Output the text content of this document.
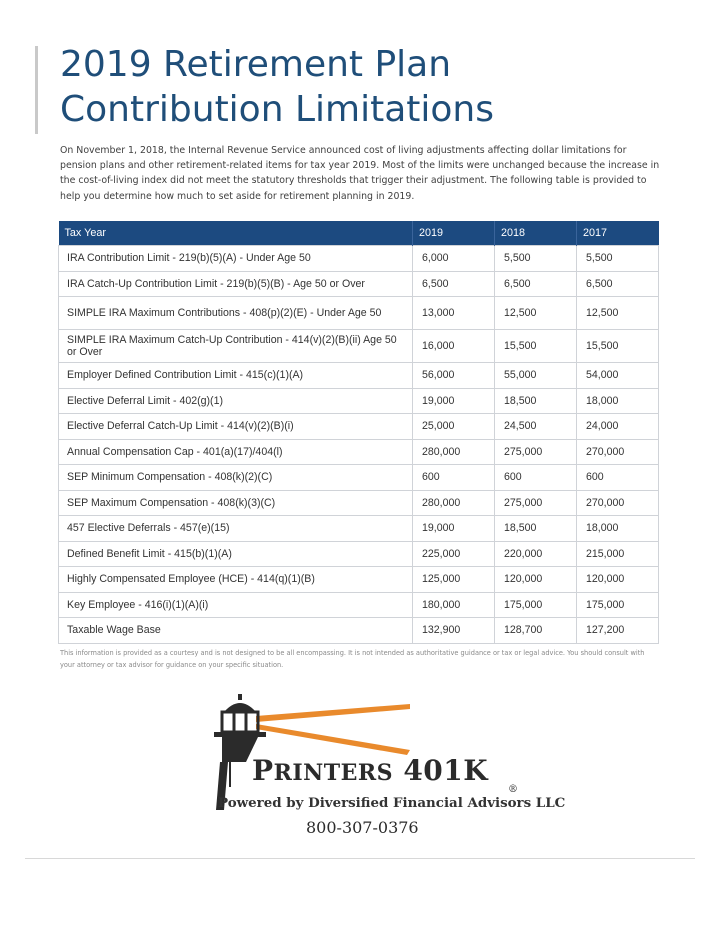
2019 Retirement Plan
Contribution Limitations

On November 1, 2018, the Internal Revenue Service announced cost of living adjustments affecting dollar limitations for pension plans and other retirement-related items for tax year 2019. Most of the limits were unchanged because the increase in the cost-of-living index did not meet the statutory thresholds that trigger their adjustment. The following table is provided to help you determine how much to set aside for retirement planning in 2019.

Tax Year	2019	2018	2017
IRA Contribution Limit - 219(b)(5)(A) - Under Age 50	6,000	5,500	5,500
IRA Catch-Up Contribution Limit - 219(b)(5)(B) - Age 50 or Over	6,500	6,500	6,500
SIMPLE IRA Maximum Contributions - 408(p)(2)(E) - Under Age 50	13,000	12,500	12,500
SIMPLE IRA Maximum Catch-Up Contribution - 414(v)(2)(B)(ii) Age 50 or Over	16,000	15,500	15,500
Employer Defined Contribution Limit - 415(c)(1)(A)	56,000	55,000	54,000
Elective Deferral Limit - 402(g)(1)	19,000	18,500	18,000
Elective Deferral Catch-Up Limit - 414(v)(2)(B)(i)	25,000	24,500	24,000
Annual Compensation Cap - 401(a)(17)/404(l)	280,000	275,000	270,000
SEP Minimum Compensation - 408(k)(2)(C)	600	600	600
SEP Maximum Compensation - 408(k)(3)(C)	280,000	275,000	270,000
457 Elective Deferrals - 457(e)(15)	19,000	18,500	18,000
Defined Benefit Limit - 415(b)(1)(A)	225,000	220,000	215,000
Highly Compensated Employee (HCE) - 414(q)(1)(B)	125,000	120,000	120,000
Key Employee - 416(i)(1)(A)(i)	180,000	175,000	175,000
Taxable Wage Base	132,900	128,700	127,200

This information is provided as a courtesy and is not designed to be all encompassing. It is not intended as authoritative guidance or tax or legal advice. You should consult with your attorney or tax advisor for guidance on your specific situation.

PRINTERS 401K
®
Powered by Diversified Financial Advisors LLC
800-307-0376
